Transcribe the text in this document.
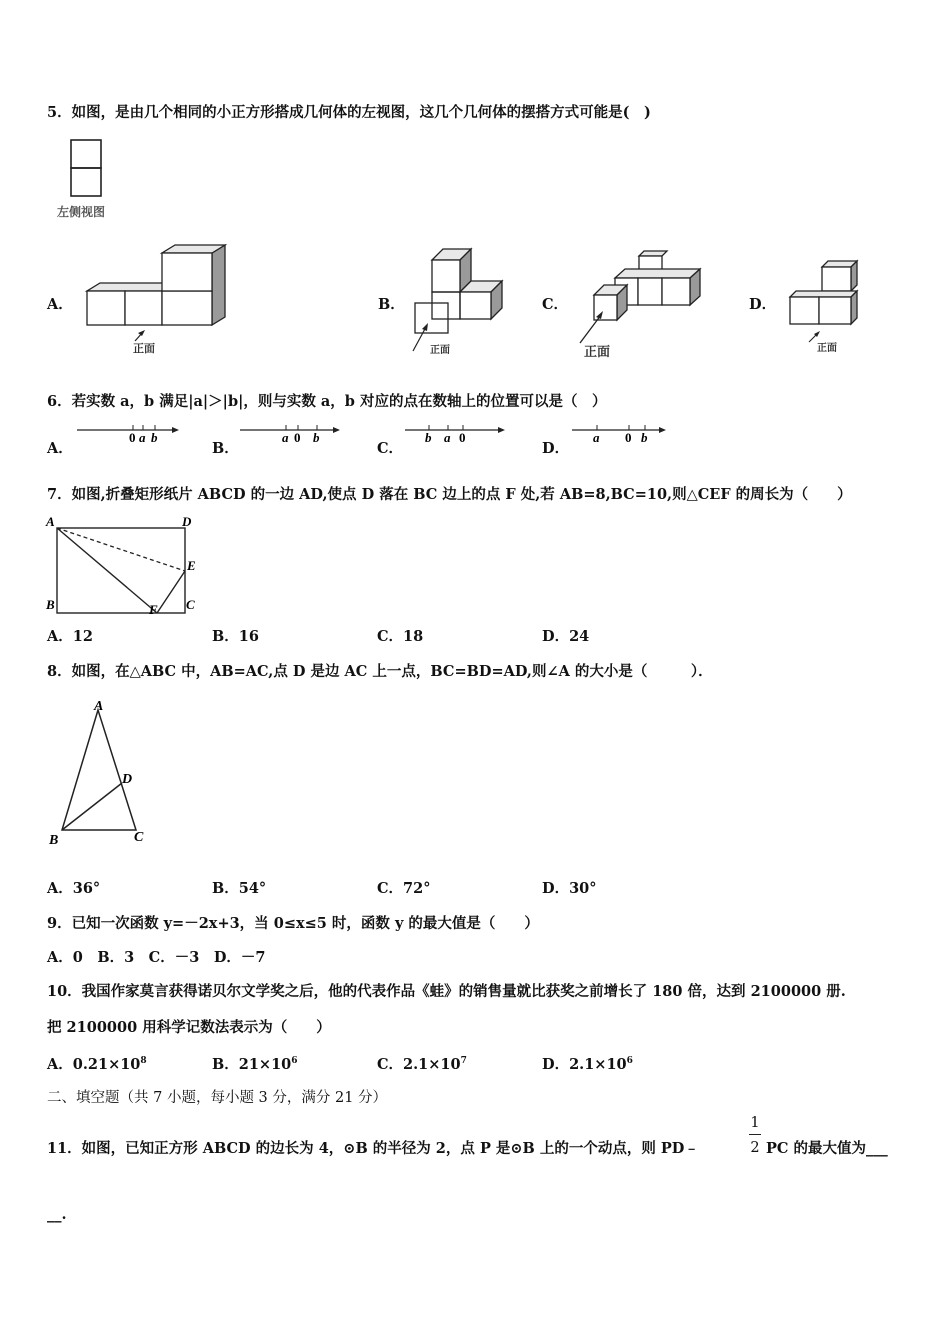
5．如图，是由几个相同的小正方形搭成几何体的左视图，这几个几何体的摆搭方式可能是(　)
左侧视图
A．
正面
B．
正面
C．
正面
D．
正面
6．若实数 a，b 满足|a|＞|b|，则与实数 a，b 对应的点在数轴上的位置可以是（　）
A．
0 a b
B．
a 0 b
C．
b a 0
D．
a 0 b
7．如图,折叠矩形纸片 ABCD 的一边 AD,使点 D 落在 BC 边上的点 F 处,若 AB=8,BC=10,则△CEF 的周长为（　　）
A	D
B	C
E
F
A．12	B．16	C．18	D．24
8．如图，在△ABC 中，AB=AC,点 D 是边 AC 上一点，BC=BD=AD,则∠A 的大小是（　　　）．
A
D
B	C
A．36°	B．54°	C．72°	D．30°
9．已知一次函数 y=－2x+3，当 0≤x≤5 时，函数 y 的最大值是（　　）
A．0　B．3　C．－3　D．－7
10．我国作家莫言获得诺贝尔文学奖之后，他的代表作品《蛙》的销售量就比获奖之前增长了 180 倍，达到 2100000 册.
把 2100000 用科学记数法表示为（　　）
A．$0.21\times 10^8$	B．$21\times 10^6$	C．$2.1\times 10^7$	D．$2.1\times 10^6$
二、填空题（共 7 小题，每小题 3 分，满分 21 分）
11．如图，已知正方形 ABCD 的边长为 4，⊙B 的半径为 2，点 P 是⊙B 上的一个动点，则 PD﹣
1
2 PC 的最大值为___
__.
